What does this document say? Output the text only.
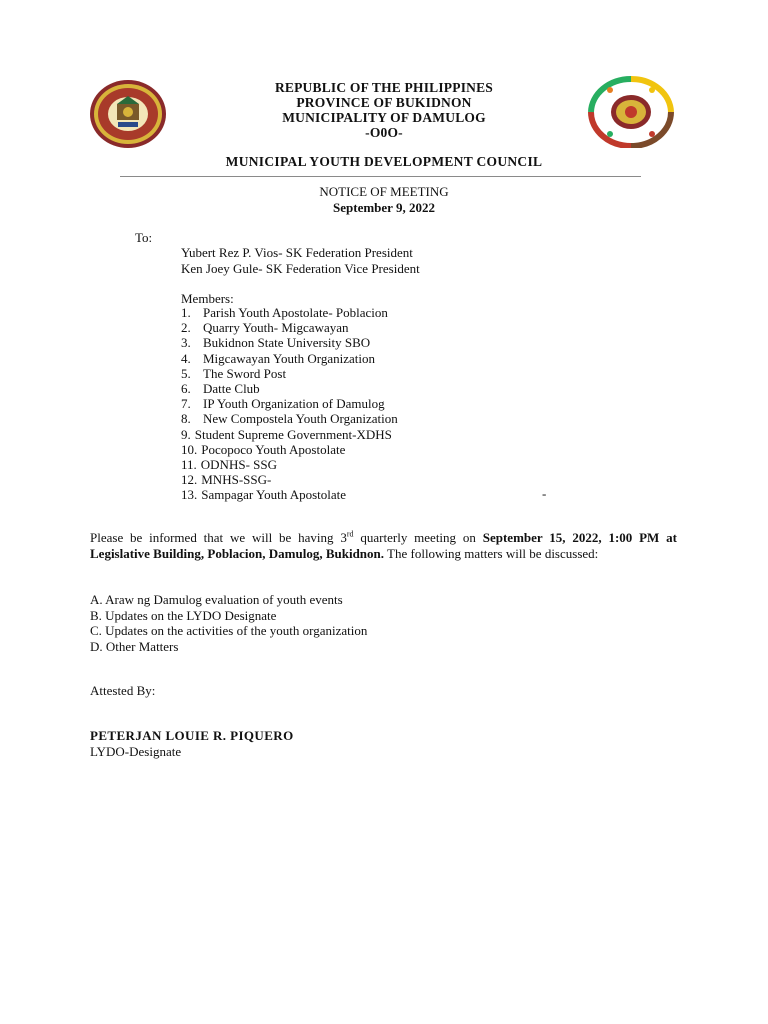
REPUBLIC OF THE PHILIPPINES
PROVINCE OF BUKIDNON
MUNICIPALITY OF DAMULOG
-O0O-
MUNICIPAL YOUTH DEVELOPMENT COUNCIL
NOTICE OF MEETING
September 9, 2022
To:
Yubert Rez P. Vios- SK Federation President
Ken Joey Gule- SK Federation Vice President
Members:
1. Parish Youth Apostolate- Poblacion
2. Quarry Youth- Migcawayan
3. Bukidnon State University SBO
4. Migcawayan Youth Organization
5. The Sword Post
6. Datte Club
7. IP Youth Organization of Damulog
8. New Compostela Youth Organization
9. Student Supreme Government-XDHS
10. Pocopoco Youth Apostolate
11. ODNHS- SSG
12. MNHS-SSG-
13. Sampagar Youth Apostolate	-
Please be informed that we will be having 3rd quarterly meeting on September 15, 2022, 1:00 PM at Legislative Building, Poblacion, Damulog, Bukidnon. The following matters will be discussed:
A. Araw ng Damulog evaluation of youth events
B. Updates on the LYDO Designate
C. Updates on the activities of the youth organization
D. Other Matters
Attested By:
PETERJAN LOUIE R. PIQUERO
LYDO-Designate
